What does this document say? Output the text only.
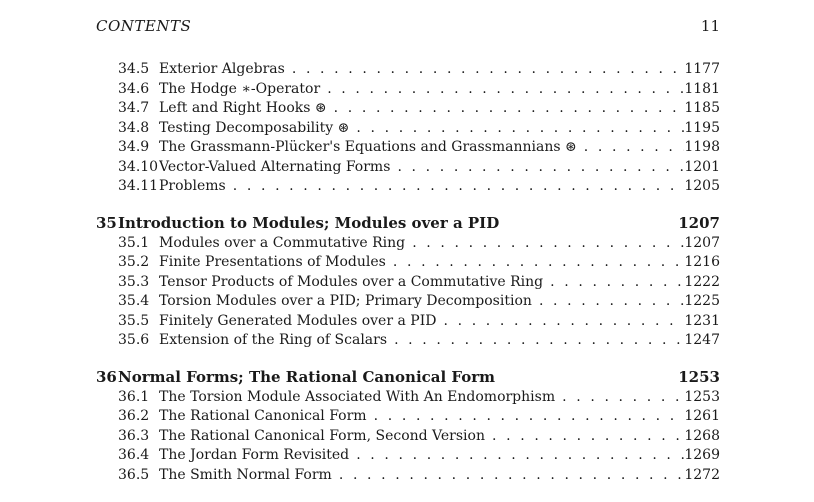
CONTENTS	11
34.5 Exterior Algebras . . .	1177
34.6 The Hodge ∗-Operator . . .	1181
34.7 Left and Right Hooks ⊛ . . .	1185
34.8 Testing Decomposability ⊛ . . .	1195
34.9 The Grassmann-Plücker's Equations and Grassmannians ⊛ . . .	1198
34.10 Vector-Valued Alternating Forms . . .	1201
34.11 Problems . . .	1205
35 Introduction to Modules; Modules over a PID	1207
35.1 Modules over a Commutative Ring . . .	1207
35.2 Finite Presentations of Modules . . .	1216
35.3 Tensor Products of Modules over a Commutative Ring . . .	1222
35.4 Torsion Modules over a PID; Primary Decomposition . . .	1225
35.5 Finitely Generated Modules over a PID . . .	1231
35.6 Extension of the Ring of Scalars . . .	1247
36 Normal Forms; The Rational Canonical Form	1253
36.1 The Torsion Module Associated With An Endomorphism . . .	1253
36.2 The Rational Canonical Form . . .	1261
36.3 The Rational Canonical Form, Second Version . . .	1268
36.4 The Jordan Form Revisited . . .	1269
36.5 The Smith Normal Form . . .	1272
